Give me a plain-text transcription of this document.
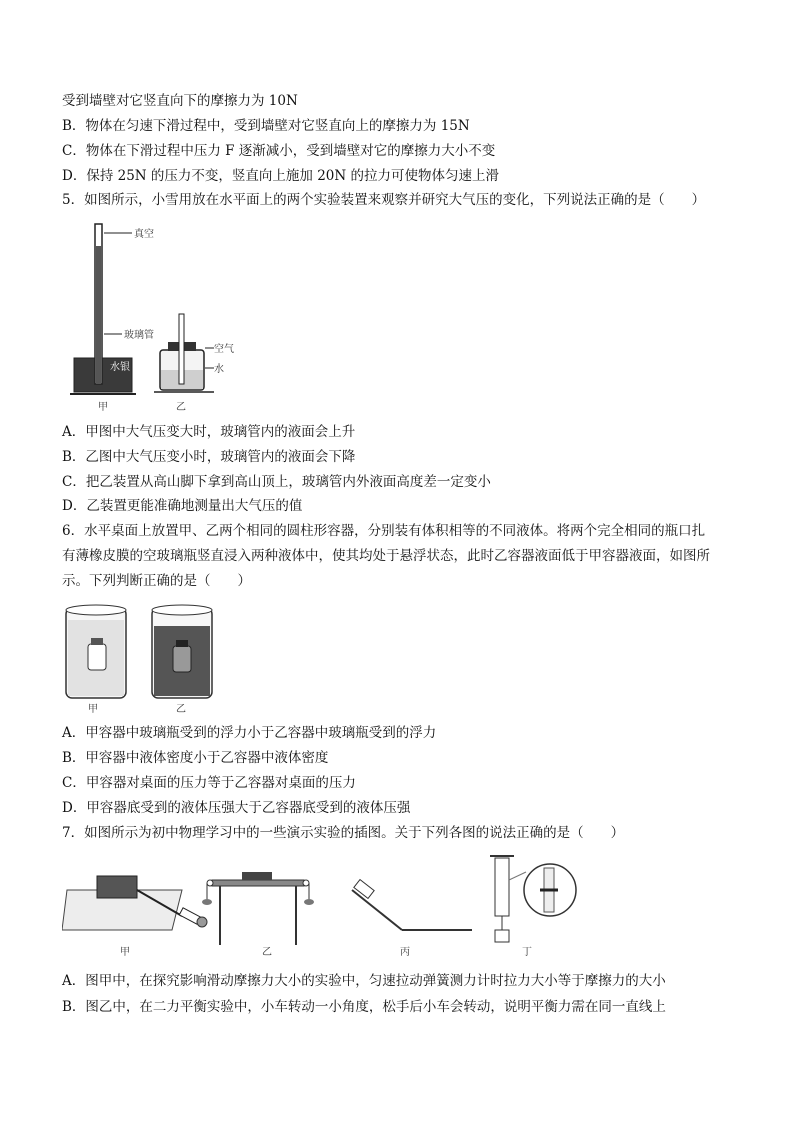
受到墙壁对它竖直向下的摩擦力为 10N
B．物体在匀速下滑过程中，受到墙壁对它竖直向上的摩擦力为 15N
C．物体在下滑过程中压力 F 逐渐减小，受到墙壁对它的摩擦力大小不变
D．保持 25N 的压力不变，竖直向上施加 20N 的拉力可使物体匀速上滑
5．如图所示，小雪用放在水平面上的两个实验装置来观察并研究大气压的变化，下列说法正确的是（　　）
真空
玻璃管
水银
甲
空气
水
乙
A．甲图中大气压变大时，玻璃管内的液面会上升
B．乙图中大气压变小时，玻璃管内的液面会下降
C．把乙装置从高山脚下拿到高山顶上，玻璃管内外液面高度差一定变小
D．乙装置更能准确地测量出大气压的值
6．水平桌面上放置甲、乙两个相同的圆柱形容器，分别装有体积相等的不同液体。将两个完全相同的瓶口扎
有薄橡皮膜的空玻璃瓶竖直浸入两种液体中，使其均处于悬浮状态，此时乙容器液面低于甲容器液面，如图所
示。下列判断正确的是（　　）
甲	乙
A．甲容器中玻璃瓶受到的浮力小于乙容器中玻璃瓶受到的浮力
B．甲容器中液体密度小于乙容器中液体密度
C．甲容器对桌面的压力等于乙容器对桌面的压力
D．甲容器底受到的液体压强大于乙容器底受到的液体压强
7．如图所示为初中物理学习中的一些演示实验的插图。关于下列各图的说法正确的是（　　）
甲	乙	丙	丁
A．图甲中，在探究影响滑动摩擦力大小的实验中，匀速拉动弹簧测力计时拉力大小等于摩擦力的大小
B．图乙中，在二力平衡实验中，小车转动一小角度，松手后小车会转动，说明平衡力需在同一直线上
